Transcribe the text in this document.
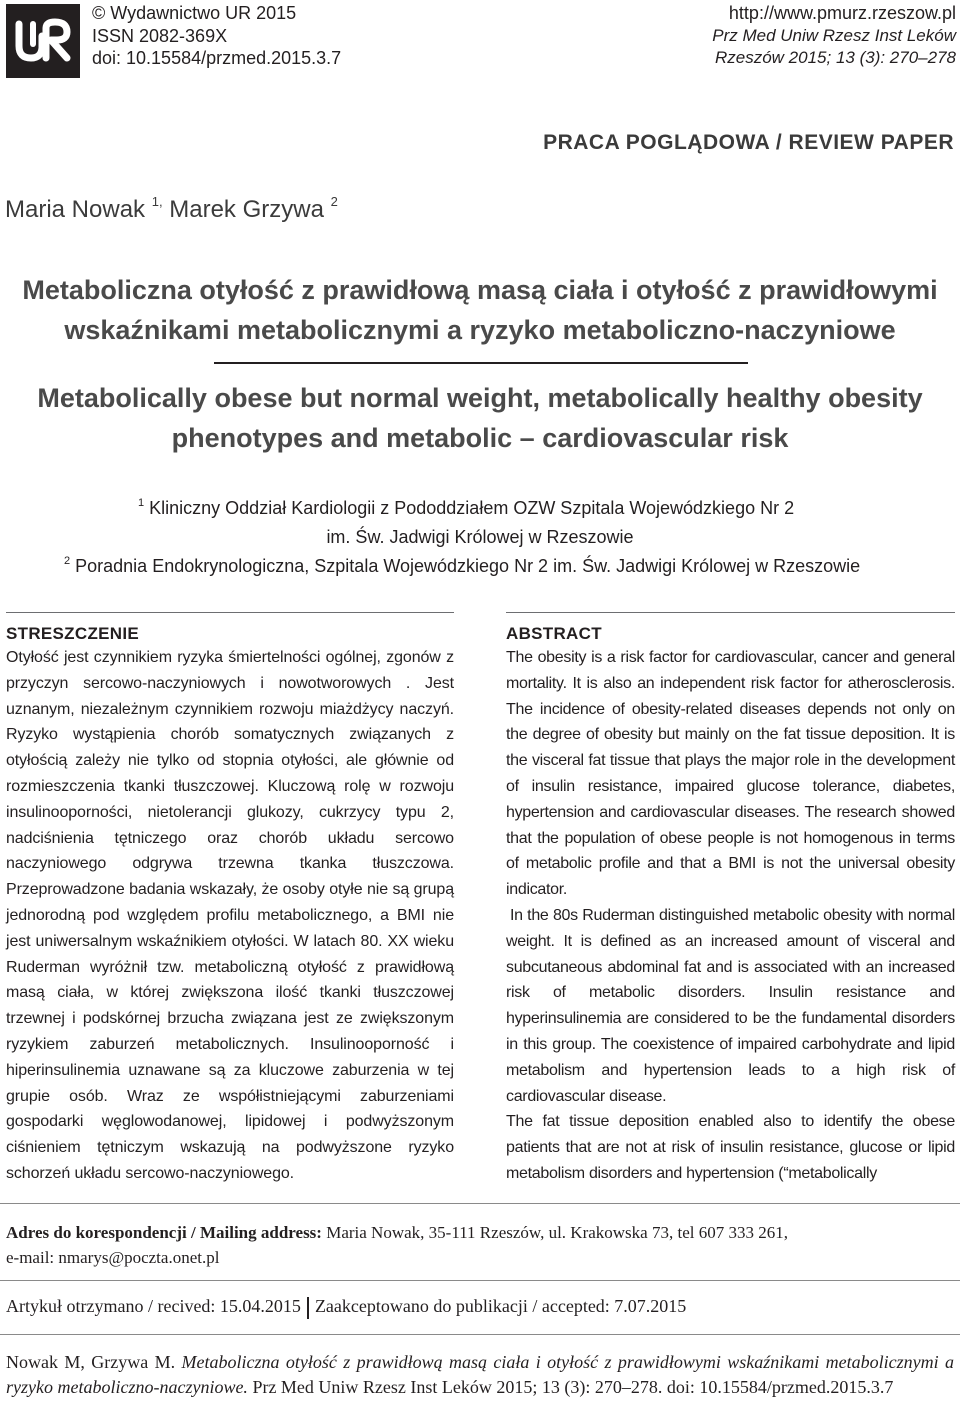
© Wydawnictwo UR 2015
ISSN 2082-369X
doi: 10.15584/przmed.2015.3.7
http://www.pmurz.rzeszow.pl
Prz Med Uniw Rzesz Inst Leków
Rzeszów 2015; 13 (3): 270–278
PRACA POGLĄDOWA / REVIEW PAPER
Maria Nowak $^{1,}$ Marek Grzywa $^2$
Metaboliczna otyłość z prawidłową masą ciała i otyłość z prawidłowymi
wskaźnikami metabolicznymi a ryzyko metaboliczno-naczyniowe
Metabolically obese but normal weight, metabolically healthy obesity
phenotypes and metabolic – cardiovascular risk
$^1$ Kliniczny Oddział Kardiologii z Pododdziałem OZW Szpitala Wojewódzkiego Nr 2
im. Św. Jadwigi Królowej w Rzeszowie
$^2$ Poradnia Endokrynologiczna, Szpitala Wojewódzkiego Nr 2 im. Św. Jadwigi Królowej w Rzeszowie
STRESZCZENIE

Otyłość jest czynnikiem ryzyka śmiertelności ogólnej, zgonów z przyczyn sercowo-naczyniowych i nowotworowych . Jest uznanym, niezależnym czynnikiem rozwoju miażdżycy naczyń. Ryzyko wystąpienia chorób somatycznych związanych z otyłością zależy nie tylko od stopnia otyłości, ale głównie od rozmieszczenia tkanki tłuszczowej. Kluczową rolę w rozwoju insulinooporności, nietolerancji glukozy, cukrzycy typu 2, nadciśnienia tętniczego oraz chorób układu sercowo naczyniowego odgrywa trzewna tkanka tłuszczowa. Przeprowadzone badania wskazały, że osoby otyłe nie są grupą jednorodną pod względem profilu metabolicznego, a BMI nie jest uniwersalnym wskaźnikiem otyłości. W latach 80. XX wieku Ruderman wyróżnił tzw. metaboliczną otyłość z prawidłową masą ciała, w której zwiększona ilość tkanki tłuszczowej trzewnej i podskórnej brzucha związana jest ze zwiększonym ryzykiem zaburzeń metabolicznych. Insulinooporność i hiperinsulinemia uznawane są za kluczowe zaburzenia w tej grupie osób. Wraz ze współistniejącymi zaburzeniami gospodarki węglowodanowej, lipidowej i podwyższonym ciśnieniem tętniczym wskazują na podwyższone ryzyko schorzeń układu sercowo-naczyniowego.

ABSTRACT

The obesity is a risk factor for cardiovascular, cancer and general mortality. It is also an independent risk factor for atherosclerosis. The incidence of obesity-related diseases depends not only on the degree of obesity but mainly on the fat tissue deposition. It is the visceral fat tissue that plays the major role in the development of insulin resistance, impaired glucose tolerance, diabetes, hypertension and cardiovascular diseases. The research showed that the population of obese people is not homogenous in terms of metabolic profile and that a BMI is not the universal obesity indicator.

In the 80s Ruderman distinguished metabolic obesity with normal weight. It is defined as an increased amount of visceral and subcutaneous abdominal fat and is associated with an increased risk of metabolic disorders. Insulin resistance and hyperinsulinemia are considered to be the fundamental disorders in this group. The coexistence of impaired carbohydrate and lipid metabolism and hypertension leads to a high risk of cardiovascular disease.

The fat tissue deposition enabled also to identify the obese patients that are not at risk of insulin resistance, glucose or lipid metabolism disorders and hypertension (“metabolically

Adres do korespondencji / Mailing address: Maria Nowak, 35-111 Rzeszów, ul. Krakowska 73, tel 607 333 261,
e-mail: nmarys@poczta.onet.pl
Artykuł otrzymano / recived: 15.04.2015 Zaakceptowano do publikacji / accepted: 7.07.2015
Nowak M, Grzywa M. Metaboliczna otyłość z prawidłową masą ciała i otyłość z prawidłowymi wskaźnikami metabolicznymi a ryzyko metaboliczno-naczyniowe. Prz Med Uniw Rzesz Inst Leków 2015; 13 (3): 270–278. doi: 10.15584/przmed.2015.3.7
